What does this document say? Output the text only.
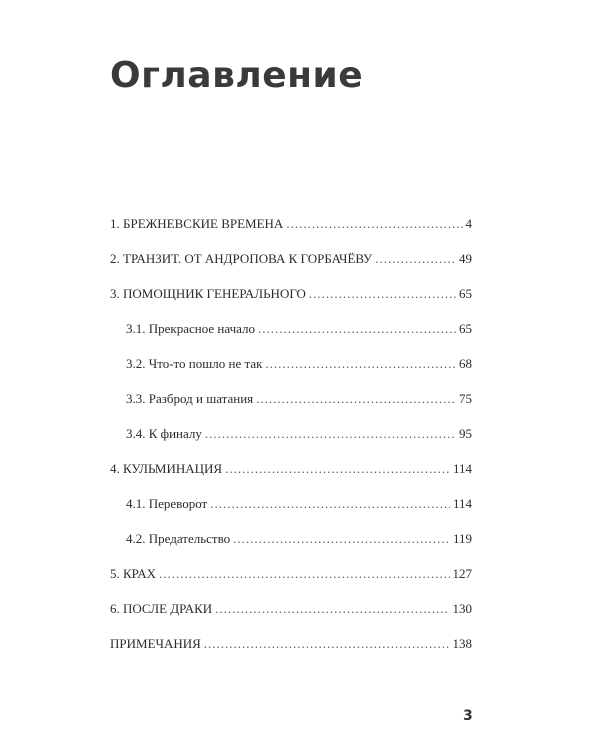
Оглавление
1. БРЕЖНЕВСКИЕ ВРЕМЕНА .....	4
2. ТРАНЗИТ. ОТ АНДРОПОВА К ГОРБАЧЁВУ .....	49
3. ПОМОЩНИК ГЕНЕРАЛЬНОГО .....	65
3.1. Прекрасное начало .....	65
3.2. Что-то пошло не так .....	68
3.3. Разброд и шатания .....	75
3.4. К финалу .....	95
4. КУЛЬМИНАЦИЯ .....	114
4.1. Переворот .....	114
4.2. Предательство .....	119
5. КРАХ .....	127
6. ПОСЛЕ ДРАКИ .....	130
ПРИМЕЧАНИЯ .....	138
3
